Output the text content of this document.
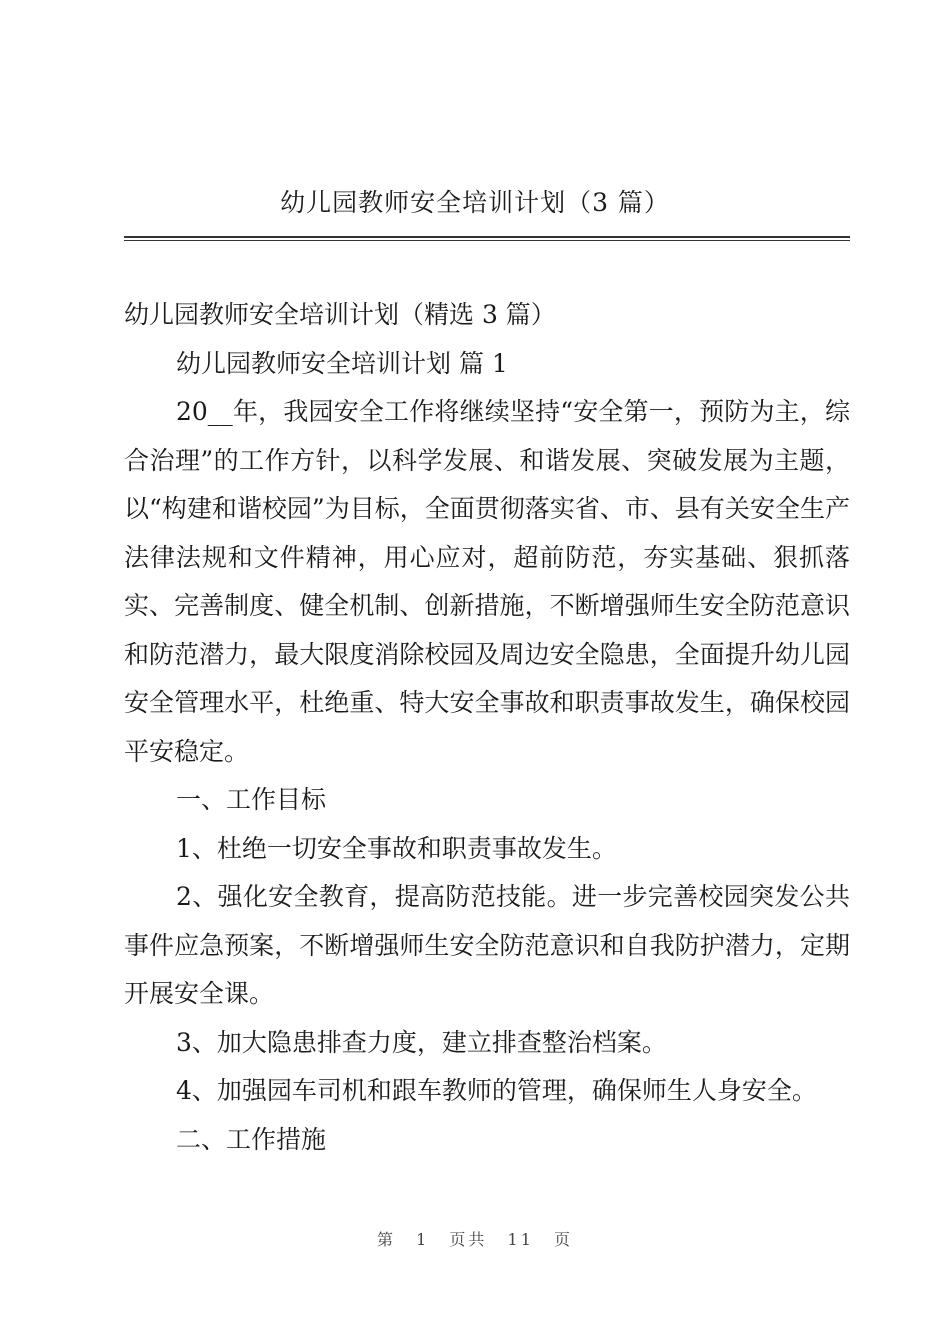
幼儿园教师安全培训计划（3 篇）

幼儿园教师安全培训计划（精选 3 篇）

幼儿园教师安全培训计划 篇 1

20__年，我园安全工作将继续坚持“安全第一，预防为主，综合治理”的工作方针，以科学发展、和谐发展、突破发展为主题，以“构建和谐校园”为目标，全面贯彻落实省、市、县有关安全生产法律法规和文件精神，用心应对，超前防范，夯实基础、狠抓落实、完善制度、健全机制、创新措施，不断增强师生安全防范意识和防范潜力，最大限度消除校园及周边安全隐患，全面提升幼儿园安全管理水平，杜绝重、特大安全事故和职责事故发生，确保校园平安稳定。

一、工作目标

1、杜绝一切安全事故和职责事故发生。

2、强化安全教育，提高防范技能。进一步完善校园突发公共事件应急预案，不断增强师生安全防范意识和自我防护潜力，定期开展安全课。

3、加大隐患排查力度，建立排查整治档案。

4、加强园车司机和跟车教师的管理，确保师生人身安全。

二、工作措施

第 1 页共 11 页
